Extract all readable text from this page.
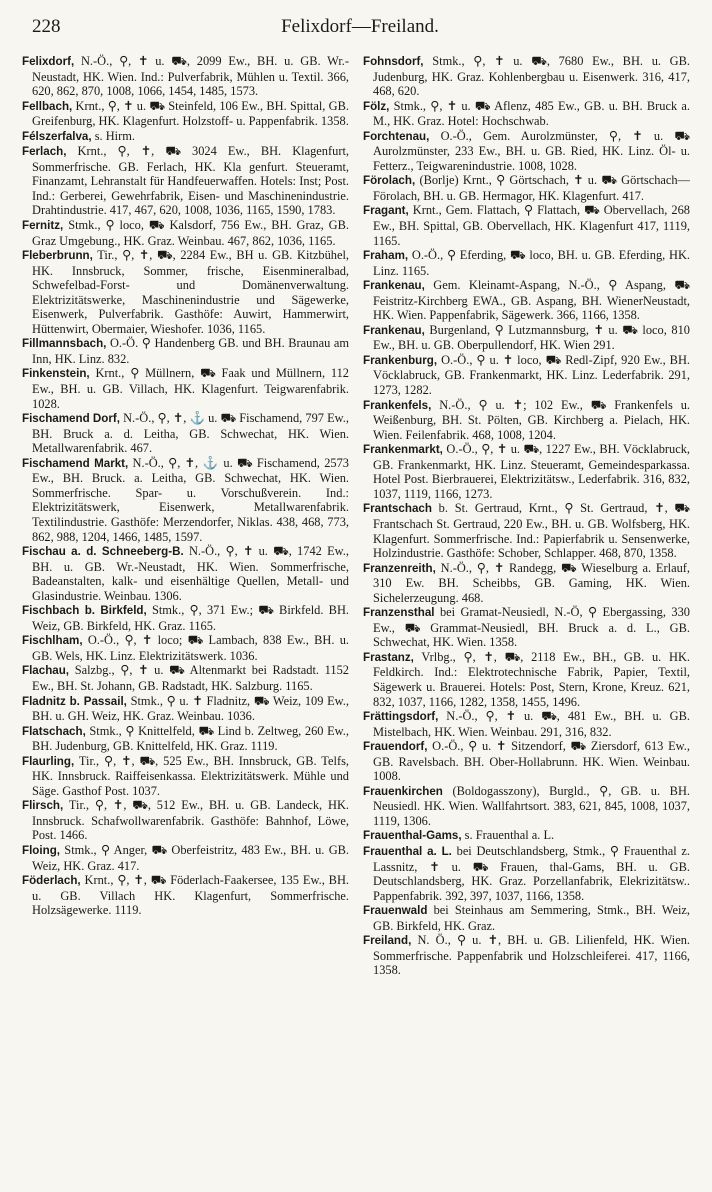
228	Felixdorf—Freiland.

Felixdorf, N.-Ö., ⚲, ✝ u. ⛟, 2099 Ew., BH. u. GB. Wr.-Neustadt, HK. Wien. Ind.: Pulverfabrik, Mühlen u. Textil. 366, 620, 862, 870, 1008, 1066, 1454, 1485, 1573.

Fellbach, Krnt., ⚲, ✝ u. ⛟ Steinfeld, 106 Ew., BH. Spittal, GB. Greifenburg, HK. Klagenfurt. Holzstoff- u. Pappenfabrik. 1358.

Félszerfalva, s. Hirm.

Ferlach, Krnt., ⚲, ✝, ⛟ 3024 Ew., BH. Klagenfurt, Sommerfrische. GB. Ferlach, HK. Kla genfurt. Steueramt, Finanzamt, Lehranstalt für Handfeuerwaffen. Hotels: Inst; Post. Ind.: Gerberei, Gewehrfabrik, Eisen- und Maschinenindustrie. Drahtindustrie. 417, 467, 620, 1008, 1036, 1165, 1590, 1783.

Fernitz, Stmk., ⚲ loco, ⛟ Kalsdorf, 756 Ew., BH. Graz, GB. Graz Umgebung., HK. Graz. Weinbau. 467, 862, 1036, 1165.

Fleberbrunn, Tir., ⚲, ✝, ⛟, 2284 Ew., BH u. GB. Kitzbühel, HK. Innsbruck, Sommer, frische, Eisenmineralbad, Schwefelbad-Forst- und Domänenverwaltung. Elektrizitätswerke, Maschinenindustrie und Sägewerke, Eisenwerk, Pulverfabrik. Gasthöfe: Auwirt, Hammerwirt, Hüttenwirt, Obermaier, Wieshofer. 1036, 1165.

Fillmannsbach, O.-Ö. ⚲ Handenberg GB. und BH. Braunau am Inn, HK. Linz. 832.

Finkenstein, Krnt., ⚲ Müllnern, ⛟ Faak und Müllnern, 112 Ew., BH. u. GB. Villach, HK. Klagenfurt. Teigwarenfabrik. 1028.

Fischamend Dorf, N.-Ö., ⚲, ✝, ⚓ u. ⛟ Fischamend, 797 Ew., BH. Bruck a. d. Leitha, GB. Schwechat, HK. Wien. Metallwarenfabrik. 467.

Fischamend Markt, N.-Ö., ⚲, ✝, ⚓ u. ⛟ Fischamend, 2573 Ew., BH. Bruck. a. Leitha, GB. Schwechat, HK. Wien. Sommerfrische. Spar- u. Vorschußverein. Ind.: Elektrizitätswerk, Eisenwerk, Metallwarenfabrik. Textilindustrie. Gasthöfe: Merzendorfer, Niklas. 438, 468, 773, 862, 988, 1204, 1466, 1485, 1597.

Fischau a. d. Schneeberg-B. N.-Ö., ⚲, ✝ u. ⛟, 1742 Ew., BH. u. GB. Wr.-Neustadt, HK. Wien. Sommerfrische, Badeanstalten, kalk- und eisenhältige Quellen, Metall- und Glasindustrie. Weinbau. 1306.

Fischbach b. Birkfeld, Stmk., ⚲, 371 Ew.; ⛟ Birkfeld. BH. Weiz, GB. Birkfeld, HK. Graz. 1165.

Fischlham, O.-Ö., ⚲, ✝ loco; ⛟ Lambach, 838 Ew., BH. u. GB. Wels, HK. Linz. Elektrizitätswerk. 1036.

Flachau, Salzbg., ⚲, ✝ u. ⛟ Altenmarkt bei Radstadt. 1152 Ew., BH. St. Johann, GB. Radstadt, HK. Salzburg. 1165.

Fladnitz b. Passail, Stmk., ⚲ u. ✝ Fladnitz, ⛟ Weiz, 109 Ew., BH. u. GH. Weiz, HK. Graz. Weinbau. 1036.

Flatschach, Stmk., ⚲ Knittelfeld, ⛟ Lind b. Zeltweg, 260 Ew., BH. Judenburg, GB. Knittelfeld, HK. Graz. 1119.

Flaurling, Tir., ⚲, ✝, ⛟, 525 Ew., BH. Innsbruck, GB. Telfs, HK. Innsbruck. Raiffeisenkassa. Elektrizitätswerk. Mühle und Säge. Gasthof Post. 1037.

Flirsch, Tir., ⚲, ✝, ⛟, 512 Ew., BH. u. GB. Landeck, HK. Innsbruck. Schafwollwarenfabrik. Gasthöfe: Bahnhof, Löwe, Post. 1466.

Floing, Stmk., ⚲ Anger, ⛟ Oberfeistritz, 483 Ew., BH. u. GB. Weiz, HK. Graz. 417.

Föderlach, Krnt., ⚲, ✝, ⛟ Föderlach-Faakersee, 135 Ew., BH. u. GB. Villach HK. Klagenfurt, Sommerfrische. Holzsägewerke. 1119.

Fohnsdorf, Stmk., ⚲, ✝ u. ⛟, 7680 Ew., BH. u. GB. Judenburg, HK. Graz. Kohlenbergbau u. Eisenwerk. 316, 417, 468, 620.

Fölz, Stmk., ⚲, ✝ u. ⛟ Aflenz, 485 Ew., GB. u. BH. Bruck a. M., HK. Graz. Hotel: Hochschwab.

Forchtenau, O.-Ö., Gem. Aurolzmünster, ⚲, ✝ u. ⛟ Aurolzmünster, 233 Ew., BH. u. GB. Ried, HK. Linz. Öl- u. Fetterz., Teigwarenindustrie. 1008, 1028.

Förolach, (Borlje) Krnt., ⚲ Görtschach, ✝ u. ⛟ Görtschach—Förolach, BH. u. GB. Hermagor, HK. Klagenfurt. 417.

Fragant, Krnt., Gem. Flattach, ⚲ Flattach, ⛟ Obervellach, 268 Ew., BH. Spittal, GB. Obervellach, HK. Klagenfurt 417, 1119, 1165.

Fraham, O.-Ö., ⚲ Eferding, ⛟ loco, BH. u. GB. Eferding, HK. Linz. 1165.

Frankenau, Gem. Kleinamt-Aspang, N.-Ö., ⚲ Aspang, ⛟ Feistritz-Kirchberg EWA., GB. Aspang, BH. WienerNeustadt, HK. Wien. Pappenfabrik, Sägewerk. 366, 1166, 1358.

Frankenau, Burgenland, ⚲ Lutzmannsburg, ✝ u. ⛟ loco, 810 Ew., BH. u. GB. Oberpullendorf, HK. Wien 291.

Frankenburg, O.-Ö., ⚲ u. ✝ loco, ⛟ Redl-Zipf, 920 Ew., BH. Vöcklabruck, GB. Frankenmarkt, HK. Linz. Lederfabrik. 291, 1273, 1282.

Frankenfels, N.-Ö., ⚲ u. ✝; 102 Ew., ⛟ Frankenfels u. Weißenburg, BH. St. Pölten, GB. Kirchberg a. Pielach, HK. Wien. Feilenfabrik. 468, 1008, 1204.

Frankenmarkt, O.-Ö., ⚲, ✝ u. ⛟, 1227 Ew., BH. Vöcklabruck, GB. Frankenmarkt, HK. Linz. Steueramt, Gemeindesparkassa. Hotel Post. Bierbrauerei, Elektrizitätsw., Lederfabrik. 316, 832, 1037, 1119, 1166, 1273.

Frantschach b. St. Gertraud, Krnt., ⚲ St. Gertraud, ✝, ⛟ Frantschach St. Gertraud, 220 Ew., BH. u. GB. Wolfsberg, HK. Klagenfurt. Sommerfrische. Ind.: Papierfabrik u. Sensenwerke, Holzindustrie. Gasthöfe: Schober, Schlapper. 468, 870, 1358.

Franzenreith, N.-Ö., ⚲, ✝ Randegg, ⛟ Wieselburg a. Erlauf, 310 Ew. BH. Scheibbs, GB. Gaming, HK. Wien. Sichelerzeugung. 468.

Franzensthal bei Gramat-Neusiedl, N.-Ö, ⚲ Ebergassing, 330 Ew., ⛟ Grammat-Neusiedl, BH. Bruck a. d. L., GB. Schwechat, HK. Wien. 1358.

Frastanz, Vrlbg., ⚲, ✝, ⛟, 2118 Ew., BH., GB. u. HK. Feldkirch. Ind.: Elektrotechnische Fabrik, Papier, Textil, Sägewerk u. Brauerei. Hotels: Post, Stern, Krone, Kreuz. 621, 832, 1037, 1166, 1282, 1358, 1455, 1496.

Frättingsdorf, N.-Ö., ⚲, ✝ u. ⛟, 481 Ew., BH. u. GB. Mistelbach, HK. Wien. Weinbau. 291, 316, 832.

Frauendorf, O.-Ö., ⚲ u. ✝ Sitzendorf, ⛟ Ziersdorf, 613 Ew., GB. Ravelsbach. BH. Ober-Hollabrunn. HK. Wien. Weinbau. 1008.

Frauenkirchen (Boldogasszony), Burgld., ⚲, GB. u. BH. Neusiedl. HK. Wien. Wallfahrtsort. 383, 621, 845, 1008, 1037, 1119, 1306.

Frauenthal-Gams, s. Frauenthal a. L.

Frauenthal a. L. bei Deutschlandsberg, Stmk., ⚲ Frauenthal z. Lassnitz, ✝ u. ⛟ Frauen, thal-Gams, BH. u. GB. Deutschlandsberg, HK. Graz. Porzellanfabrik, Elekrizitätsw.. Pappenfabrik. 392, 397, 1037, 1166, 1358.

Frauenwald bei Steinhaus am Semmering, Stmk., BH. Weiz, GB. Birkfeld, HK. Graz.

Freiland, N. Ö., ⚲ u. ✝, BH. u. GB. Lilienfeld, HK. Wien. Sommerfrische. Pappenfabrik und Holzschleiferei. 417, 1166, 1358.
